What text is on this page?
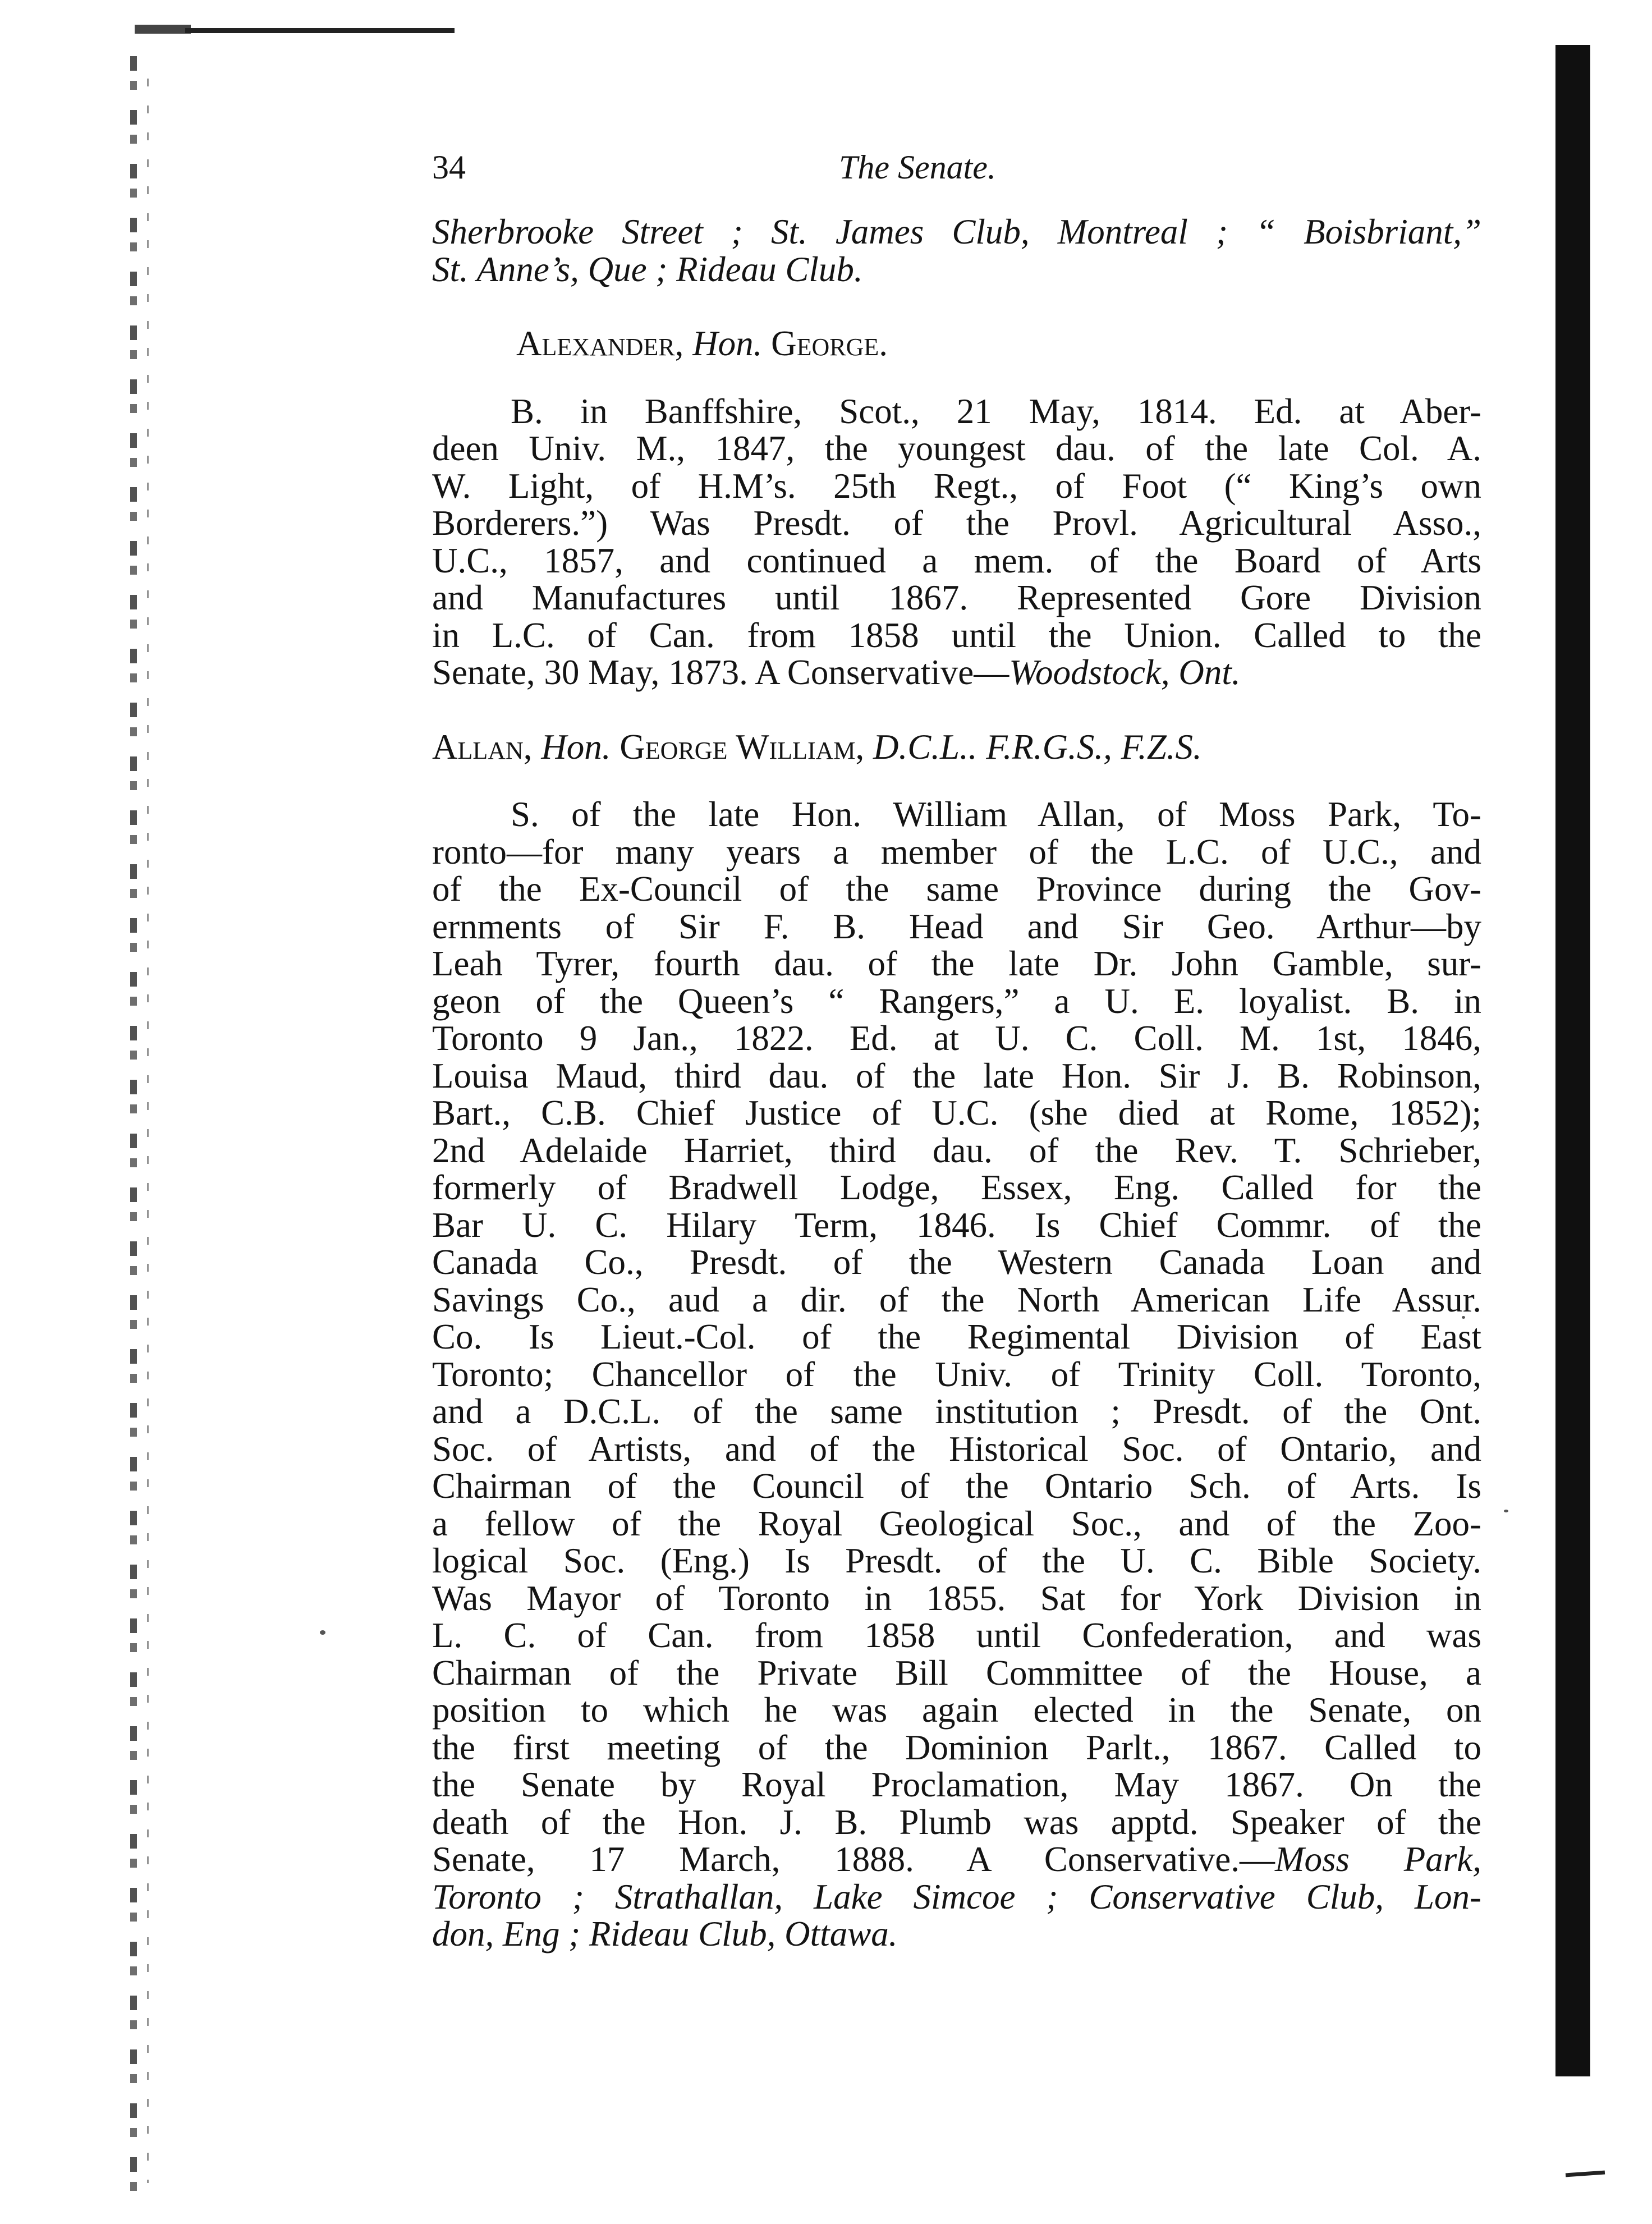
34	The Senate.
Sherbrooke Street ; St. James Club, Montreal ; “ Boisbriant,”
St. Anne’s, Que ; Rideau Club.
Alexander, Hon. George.
B. in Banffshire, Scot., 21 May, 1814. Ed. at Aber-
deen Univ. M., 1847, the youngest dau. of the late Col. A.
W. Light, of H.M’s. 25th Regt., of Foot (“ King’s own
Borderers.”) Was Presdt. of the Provl. Agricultural Asso.,
U.C., 1857, and continued a mem. of the Board of Arts
and Manufactures until 1867. Represented Gore Division
in L.C. of Can. from 1858 until the Union. Called to the
Senate, 30 May, 1873. A Conservative—Woodstock, Ont.
Allan, Hon. George William, D.C.L.. F.R.G.S., F.Z.S.
S. of the late Hon. William Allan, of Moss Park, To-
ronto—for many years a member of the L.C. of U.C., and
of the Ex-Council of the same Province during the Gov-
ernments of Sir F. B. Head and Sir Geo. Arthur—by
Leah Tyrer, fourth dau. of the late Dr. John Gamble, sur-
geon of the Queen’s “ Rangers,” a U. E. loyalist. B. in
Toronto 9 Jan., 1822. Ed. at U. C. Coll. M. 1st, 1846,
Louisa Maud, third dau. of the late Hon. Sir J. B. Robinson,
Bart., C.B. Chief Justice of U.C. (she died at Rome, 1852);
2nd Adelaide Harriet, third dau. of the Rev. T. Schrieber,
formerly of Bradwell Lodge, Essex, Eng. Called for the
Bar U. C. Hilary Term, 1846. Is Chief Commr. of the
Canada Co., Presdt. of the Western Canada Loan and
Savings Co., aud a dir. of the North American Life Assur.
Co. Is Lieut.-Col. of the Regimental Division of East
Toronto; Chancellor of the Univ. of Trinity Coll. Toronto,
and a D.C.L. of the same institution ; Presdt. of the Ont.
Soc. of Artists, and of the Historical Soc. of Ontario, and
Chairman of the Council of the Ontario Sch. of Arts. Is
a fellow of the Royal Geological Soc., and of the Zoo-
logical Soc. (Eng.) Is Presdt. of the U. C. Bible Society.
Was Mayor of Toronto in 1855. Sat for York Division in
L. C. of Can. from 1858 until Confederation, and was
Chairman of the Private Bill Committee of the House, a
position to which he was again elected in the Senate, on
the first meeting of the Dominion Parlt., 1867. Called to
the Senate by Royal Proclamation, May 1867. On the
death of the Hon. J. B. Plumb was apptd. Speaker of the
Senate, 17 March, 1888. A Conservative.—Moss Park,
Toronto ; Strathallan, Lake Simcoe ; Conservative Club, Lon-
don, Eng ; Rideau Club, Ottawa.
